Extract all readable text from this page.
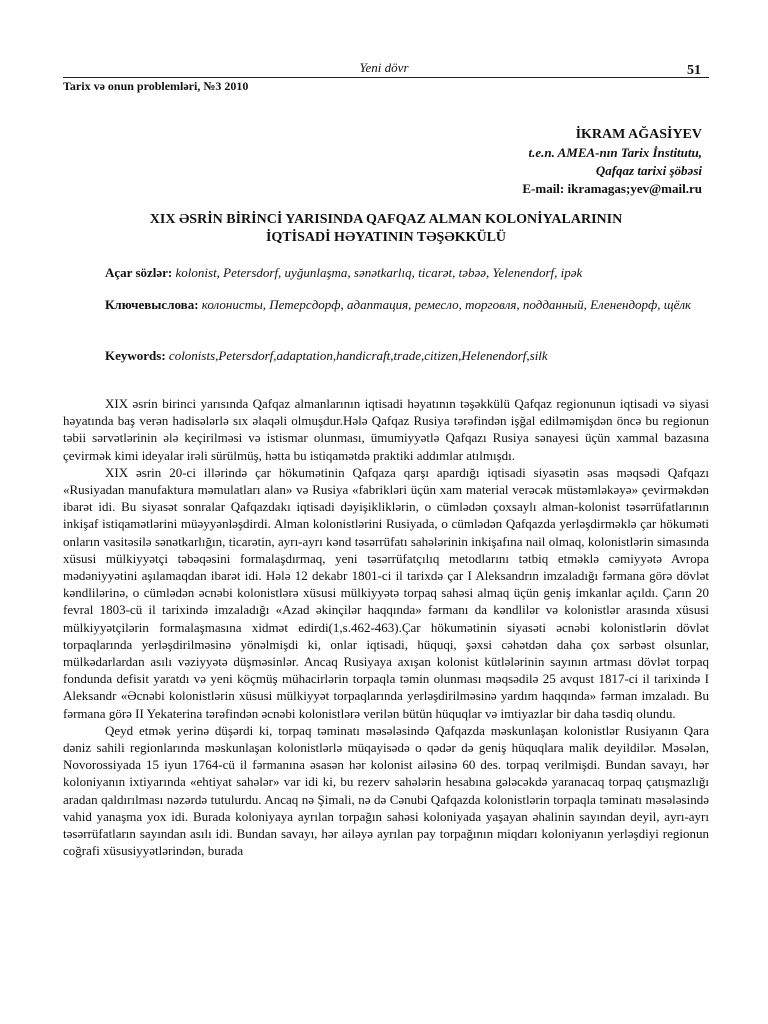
Yeni dövr	51
Tarix və onun problemləri, №3 2010
İKRAM AĞASİYEV
t.e.n. AMEA-nın Tarix İnstitutu,
Qafqaz tarixi şöbəsi
E-mail: ikramagas;yev@mail.ru
XIX ƏSRİN BİRİNCİ YARISINDA QAFQAZ ALMAN KOLONİYALARININ
İQTİSADİ HƏYATININ TƏŞƏKKÜLÜ
Açar sözlər: kolonist, Petersdorf, uyğunlaşma, sənətkarlıq, ticarət, təbəə, Yelenendorf, ipək
Ключевыслова: колонисты, Петерсдорф, адаптация, ремесло, торговля, подданный, Еленендорф, щёлк
Keywords: colonists,Petersdorf,adaptation,handicraft,trade,citizen,Helenendorf,silk

XIX əsrin birinci yarısında Qafqaz almanlarının iqtisadi həyatının təşəkkülü Qafqaz regionunun iqtisadi və siyasi həyatında baş verən hadisələrlə sıx əlaqəli olmuşdur.Hələ Qafqaz Rusiya tərəfindən işğal edilməmişdən öncə bu regionun təbii sərvətlərinin ələ keçirilməsi və istismar olunması, ümumiyyətlə Qafqazı Rusiya sənayesi üçün xammal bazasına çevirmək kimi ideyalar irəli sürülmüş, hətta bu istiqamətdə praktiki addımlar atılmışdı.

XIX əsrin 20-ci illərində çar hökumətinin Qafqaza qarşı apardığı iqtisadi siyasətin əsas məqsədi Qafqazı «Rusiyadan manufaktura məmulatları alan» və Rusiya «fabrikləri üçün xam material verəcək müstəmləkəyə» çevirməkdən ibarət idi. Bu siyasət sonralar Qafqazdakı iqtisadi dəyişikliklərin, o cümlədən çoxsaylı alman-kolonist təsərrüfatlarının inkişaf istiqamətlərini müəyyənləşdirdi. Alman kolonistlərini Rusiyada, o cümlədən Qafqazda yerləşdirməklə çar hökuməti onların vasitəsilə sənətkarlığın, ticarətin, ayrı-ayrı kənd təsərrüfatı sahələrinin inkişafına nail olmaq, kolonistlərin simasında xüsusi mülkiyyətçi təbəqəsini formalaşdırmaq, yeni təsərrüfatçılıq metodlarını tətbiq etməklə cəmiyyətə Avropa mədəniyyətini aşılamaqdan ibarət idi. Hələ 12 dekabr 1801-ci il tarixdə çar I Aleksandrın imzaladığı fərmana görə dövlət kəndlilərinə, o cümlədən əcnəbi kolonistlərə xüsusi mülkiyyətə torpaq sahəsi almaq üçün geniş imkanlar açıldı. Çarın 20 fevral 1803-cü il tarixində imzaladığı «Azad əkinçilər haqqında» fərmanı da kəndlilər və kolonistlər arasında xüsusi mülkiyyətçilərin formalaşmasına xidmət edirdi(1,s.462-463).Çar hökumətinin siyasəti əcnəbi kolonistlərin dövlət torpaqlarında yerləşdirilməsinə yönəlmişdi ki, onlar iqtisadi, hüquqi, şəxsi cəhətdən daha çox sərbəst olsunlar, mülkədarlardan asılı vəziyyətə düşməsinlər. Ancaq Rusiyaya axışan kolonist kütlələrinin sayının artması dövlət torpaq fondunda defisit yaratdı və yeni köçmüş mühacirlərin torpaqla təmin olunması məqsədilə 25 avqust 1817-ci il tarixində I Aleksandr «Əcnəbi kolonistlərin xüsusi mülkiyyət torpaqlarında yerləşdirilməsinə yardım haqqında» fərman imzaladı. Bu fərmana görə II Yekaterina tərəfindən əcnəbi kolonistlərə verilən bütün hüquqlar və imtiyazlar bir daha təsdiq olundu.

Qeyd etmək yerinə düşərdi ki, torpaq təminatı məsələsində Qafqazda məskunlaşan kolonistlər Rusiyanın Qara dəniz sahili regionlarında məskunlaşan kolonistlərlə müqayisədə o qədər də geniş hüquqlara malik deyildilər. Məsələn, Novorossiyada 15 iyun 1764-cü il fərmanına əsasən hər kolonist ailəsinə 60 des. torpaq verilmişdi. Bundan savayı, hər koloniyanın ixtiyarında «ehtiyat sahələr» var idi ki, bu rezerv sahələrin hesabına gələcəkdə yaranacaq torpaq çatışmazlığı aradan qaldırılması nəzərdə tutulurdu. Ancaq nə Şimali, nə də Cənubi Qafqazda kolonistlərin torpaqla təminatı məsələsində vahid yanaşma yox idi. Burada koloniyaya ayrılan torpağın sahəsi koloniyada yaşayan əhalinin sayından deyil, ayrı-ayrı təsərrüfatların sayından asılı idi. Bundan savayı, hər ailəyə ayrılan pay torpağının miqdarı koloniyanın yerləşdiyi regionun coğrafi xüsusiyyətlərindən, burada
